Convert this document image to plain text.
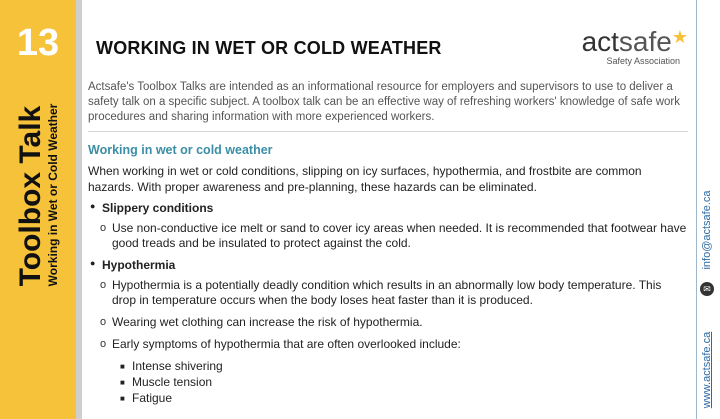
13
Toolbox Talk Working in Wet or Cold Weather
WORKING IN WET OR COLD WEATHER	actsafe★
Safety Association
Actsafe's Toolbox Talks are intended as an informational resource for employers and supervisors to use to deliver a safety talk on a specific subject. A toolbox talk can be an effective way of refreshing workers' knowledge of safe work procedures and sharing information with more experienced workers.
Working in wet or cold weather

When working in wet or cold conditions, slipping on icy surfaces, hypothermia, and frostbite are common hazards. With proper awareness and pre-planning, these hazards can be eliminated.

● Slippery conditions
o Use non-conductive ice melt or sand to cover icy areas when needed. It is recommended that footwear have good treads and be insulated to protect against the cold.
● Hypothermia
o Hypothermia is a potentially deadly condition which results in an abnormally low body temperature. This drop in temperature occurs when the body loses heat faster than it is produced.
o Wearing wet clothing can increase the risk of hypothermia.
o Early symptoms of hypothermia that are often overlooked include:
■ Intense shivering
■ Muscle tension
■ Fatigue
info@actsafe.ca
✉
www.actsafe.ca
